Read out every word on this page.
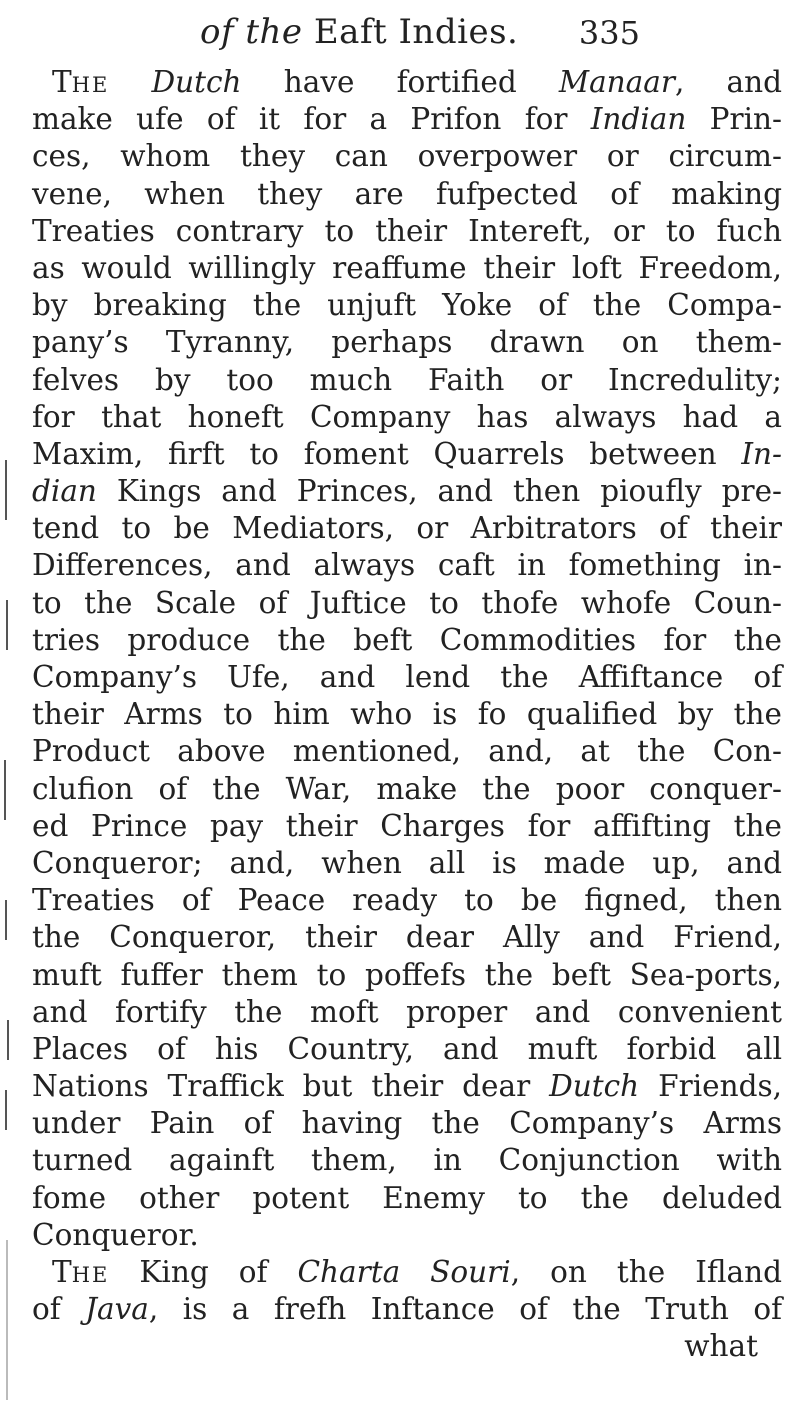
of the Eaft Indies. 335
The Dutch have fortified Manaar, and
make ufe of it for a Prifon for Indian Prin-
ces, whom they can overpower or circum-
vene, when they are fufpected of making
Treaties contrary to their Intereft, or to fuch
as would willingly reaffume their loft Freedom,
by breaking the unjuft Yoke of the Compa-
pany’s Tyranny, perhaps drawn on them-
felves by too much Faith or Incredulity;
for that honeft Company has always had a
Maxim, firft to foment Quarrels between In-
dian Kings and Princes, and then pioufly pre-
tend to be Mediators, or Arbitrators of their
Differences, and always caft in fomething in-
to the Scale of Juftice to thofe whofe Coun-
tries produce the beft Commodities for the
Company’s Ufe, and lend the Affiftance of
their Arms to him who is fo qualified by the
Product above mentioned, and, at the Con-
clufion of the War, make the poor conquer-
ed Prince pay their Charges for affifting the
Conqueror; and, when all is made up, and
Treaties of Peace ready to be figned, then
the Conqueror, their dear Ally and Friend,
muft fuffer them to poffefs the beft Sea-ports,
and fortify the moft proper and convenient
Places of his Country, and muft forbid all
Nations Traffick but their dear Dutch Friends,
under Pain of having the Company’s Arms
turned againft them, in Conjunction with
fome other potent Enemy to the deluded
Conqueror.
The King of Charta Souri, on the Ifland
of Java, is a frefh Inftance of the Truth of
what
